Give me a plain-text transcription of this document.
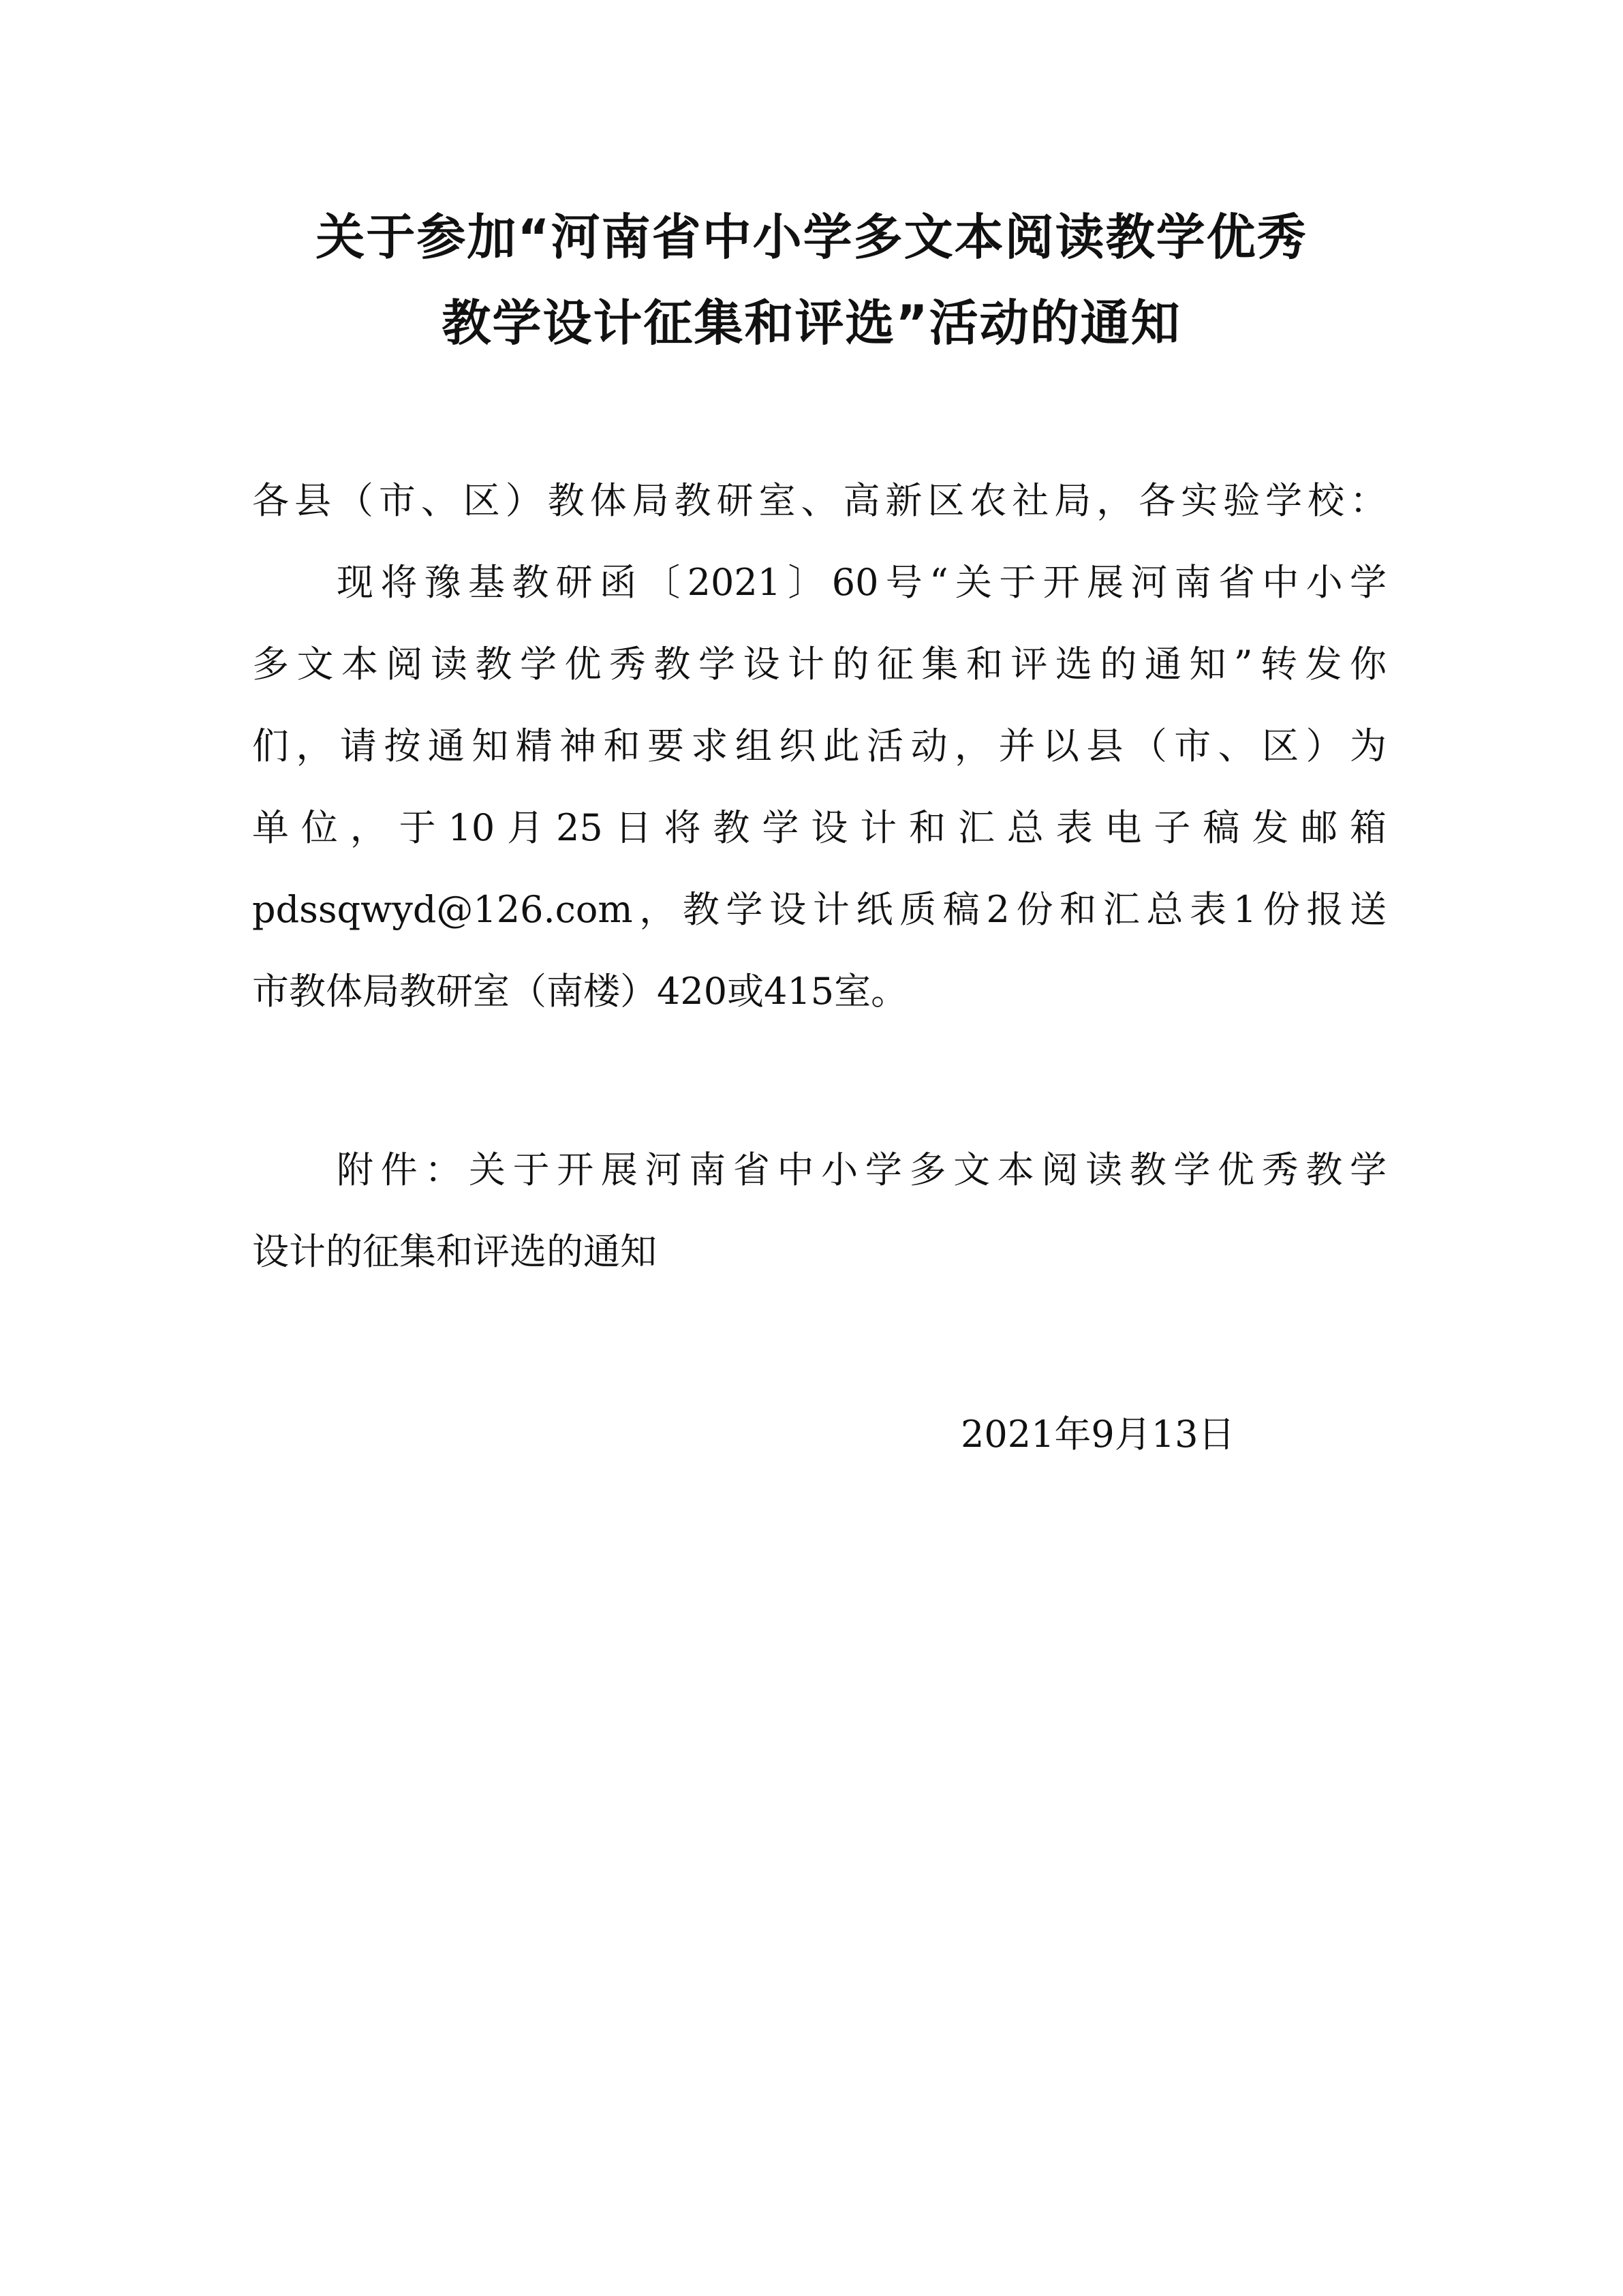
关于参加“河南省中小学多文本阅读教学优秀
教学设计征集和评选”活动的通知
各县（市、区）教体局教研室、高新区农社局，各实验学校：
现将豫基教研函〔2021〕60号“关于开展河南省中小学
多文本阅读教学优秀教学设计的征集和评选的通知”转发你
们，请按通知精神和要求组织此活动，并以县（市、区）为
单位，于10月25日将教学设计和汇总表电子稿发邮箱
pdssqwyd@126.com，教学设计纸质稿2份和汇总表1份报送
市教体局教研室（南楼）420或415室。
附件：关于开展河南省中小学多文本阅读教学优秀教学
设计的征集和评选的通知
2021年9月13日
